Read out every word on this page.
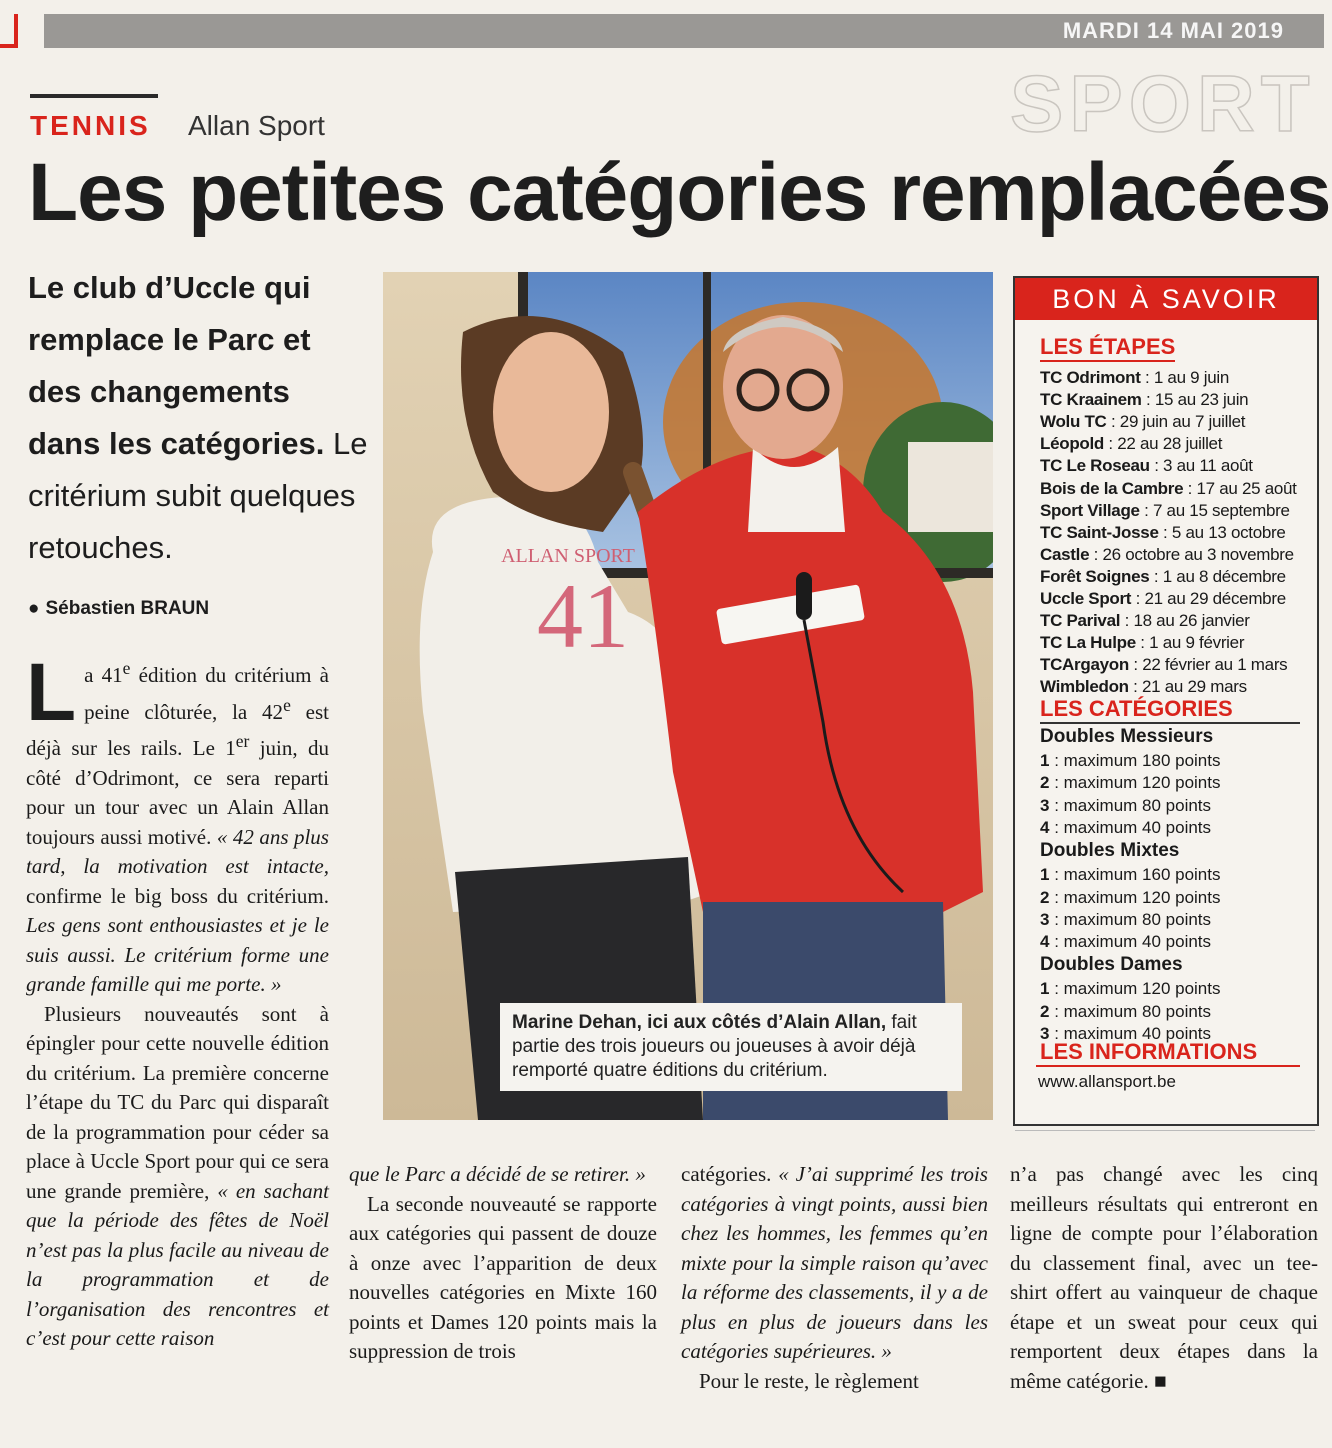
MARDI 14 MAI 2019
SPORT
TENNIS Allan Sport
Les petites catégories remplacées
Le club d’Uccle qui remplace le Parc et des changements dans les catégories. Le critérium subit quelques retouches.
● Sébastien BRAUN

La 41e édition du critérium à peine clôturée, la 42e est déjà sur les rails. Le 1er juin, du côté d’Odrimont, ce sera reparti pour un tour avec un Alain Allan toujours aussi motivé. « 42 ans plus tard, la motivation est intacte, confirme le big boss du critérium. Les gens sont enthousiastes et je le suis aussi. Le critérium forme une grande famille qui me porte. »

Plusieurs nouveautés sont à épingler pour cette nouvelle édition du critérium. La première concerne l’étape du TC du Parc qui disparaît de la programmation pour céder sa place à Uccle Sport pour qui ce sera une grande première, « en sachant que la période des fêtes de Noël n’est pas la plus facile au niveau de la programmation et de l’organisation des rencontres et c’est pour cette raison

que le Parc a décidé de se retirer. »

La seconde nouveauté se rapporte aux catégories qui passent de douze à onze avec l’apparition de deux nouvelles catégories en Mixte 160 points et Dames 120 points mais la suppression de trois

catégories. « J’ai supprimé les trois catégories à vingt points, aussi bien chez les hommes, les femmes qu’en mixte pour la simple raison qu’avec la réforme des classements, il y a de plus en plus de joueurs dans les catégories supérieures. »

Pour le reste, le règlement

n’a pas changé avec les cinq meilleurs résultats qui entreront en ligne de compte pour l’élaboration du classement final, avec un tee-shirt offert au vainqueur de chaque étape et un sweat pour ceux qui remportent deux étapes dans la même catégorie. ■

ALLAN SPORT
41
Marine Dehan, ici aux côtés d’Alain Allan, fait partie des trois joueurs ou joueuses à avoir déjà remporté quatre éditions du critérium.
BON À SAVOIR
LES ÉTAPES
TC Odrimont : 1 au 9 juin
TC Kraainem : 15 au 23 juin
Wolu TC : 29 juin au 7 juillet
Léopold : 22 au 28 juillet
TC Le Roseau : 3 au 11 août
Bois de la Cambre : 17 au 25 août
Sport Village : 7 au 15 septembre
TC Saint-Josse : 5 au 13 octobre
Castle : 26 octobre au 3 novembre
Forêt Soignes : 1 au 8 décembre
Uccle Sport : 21 au 29 décembre
TC Parival : 18 au 26 janvier
TC La Hulpe : 1 au 9 février
TCArgayon : 22 février au 1 mars
Wimbledon : 21 au 29 mars
LES CATÉGORIES
Doubles Messieurs
1 : maximum 180 points
2 : maximum 120 points
3 : maximum 80 points
4 : maximum 40 points
Doubles Mixtes
1 : maximum 160 points
2 : maximum 120 points
3 : maximum 80 points
4 : maximum 40 points
Doubles Dames
1 : maximum 120 points
2 : maximum 80 points
3 : maximum 40 points
LES INFORMATIONS
www.allansport.be
